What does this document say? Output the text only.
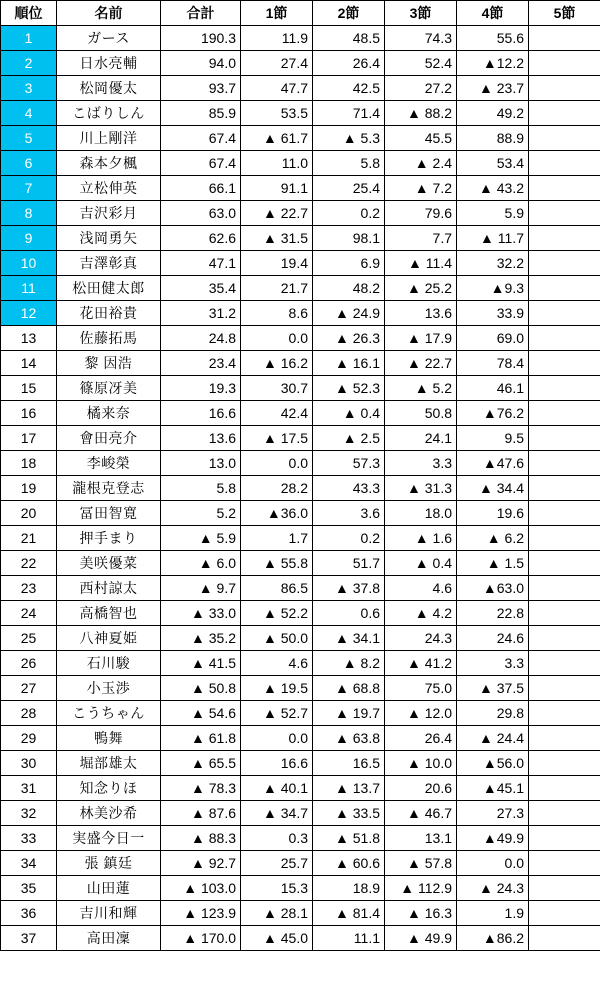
順位	名前	合計	1節	2節	3節	4節	5節
1	ガース	190.3	11.9	48.5	74.3	55.6	
2	日水亮輔	94.0	27.4	26.4	52.4	▲12.2	
3	松岡優太	93.7	47.7	42.5	27.2	▲ 23.7	
4	こばりしん	85.9	53.5	71.4	▲ 88.2	49.2	
5	川上剛洋	67.4	▲ 61.7	▲ 5.3	45.5	88.9	
6	森本夕楓	67.4	11.0	5.8	▲ 2.4	53.4	
7	立松伸英	66.1	91.1	25.4	▲ 7.2	▲ 43.2	
8	吉沢彩月	63.0	▲ 22.7	0.2	79.6	5.9	
9	浅岡勇矢	62.6	▲ 31.5	98.1	7.7	▲ 11.7	
10	吉澤彰真	47.1	19.4	6.9	▲ 11.4	32.2	
11	松田健太郎	35.4	21.7	48.2	▲ 25.2	▲9.3	
12	花田裕貴	31.2	8.6	▲ 24.9	13.6	33.9	
13	佐藤拓馬	24.8	0.0	▲ 26.3	▲ 17.9	69.0	
14	黎 因浩	23.4	▲ 16.2	▲ 16.1	▲ 22.7	78.4	
15	篠原冴美	19.3	30.7	▲ 52.3	▲ 5.2	46.1	
16	橘来奈	16.6	42.4	▲ 0.4	50.8	▲76.2	
17	會田亮介	13.6	▲ 17.5	▲ 2.5	24.1	9.5	
18	李峻榮	13.0	0.0	57.3	3.3	▲47.6	
19	瀧根克登志	5.8	28.2	43.3	▲ 31.3	▲ 34.4	
20	冨田智寛	5.2	▲36.0	3.6	18.0	19.6	
21	押手まり	▲ 5.9	1.7	0.2	▲ 1.6	▲ 6.2	
22	美咲優菜	▲ 6.0	▲ 55.8	51.7	▲ 0.4	▲ 1.5	
23	西村諒太	▲ 9.7	86.5	▲ 37.8	4.6	▲63.0	
24	高橋智也	▲ 33.0	▲ 52.2	0.6	▲ 4.2	22.8	
25	八神夏姫	▲ 35.2	▲ 50.0	▲ 34.1	24.3	24.6	
26	石川駿	▲ 41.5	4.6	▲ 8.2	▲ 41.2	3.3	
27	小玉渉	▲ 50.8	▲ 19.5	▲ 68.8	75.0	▲ 37.5	
28	こうちゃん	▲ 54.6	▲ 52.7	▲ 19.7	▲ 12.0	29.8	
29	鴨舞	▲ 61.8	0.0	▲ 63.8	26.4	▲ 24.4	
30	堀部雄太	▲ 65.5	16.6	16.5	▲ 10.0	▲56.0	
31	知念りほ	▲ 78.3	▲ 40.1	▲ 13.7	20.6	▲45.1	
32	林美沙希	▲ 87.6	▲ 34.7	▲ 33.5	▲ 46.7	27.3	
33	実盛今日一	▲ 88.3	0.3	▲ 51.8	13.1	▲49.9	
34	張 鎮廷	▲ 92.7	25.7	▲ 60.6	▲ 57.8	0.0	
35	山田蓮	▲ 103.0	15.3	18.9	▲ 112.9	▲ 24.3	
36	吉川和輝	▲ 123.9	▲ 28.1	▲ 81.4	▲ 16.3	1.9	
37	高田凜	▲ 170.0	▲ 45.0	11.1	▲ 49.9	▲86.2	
